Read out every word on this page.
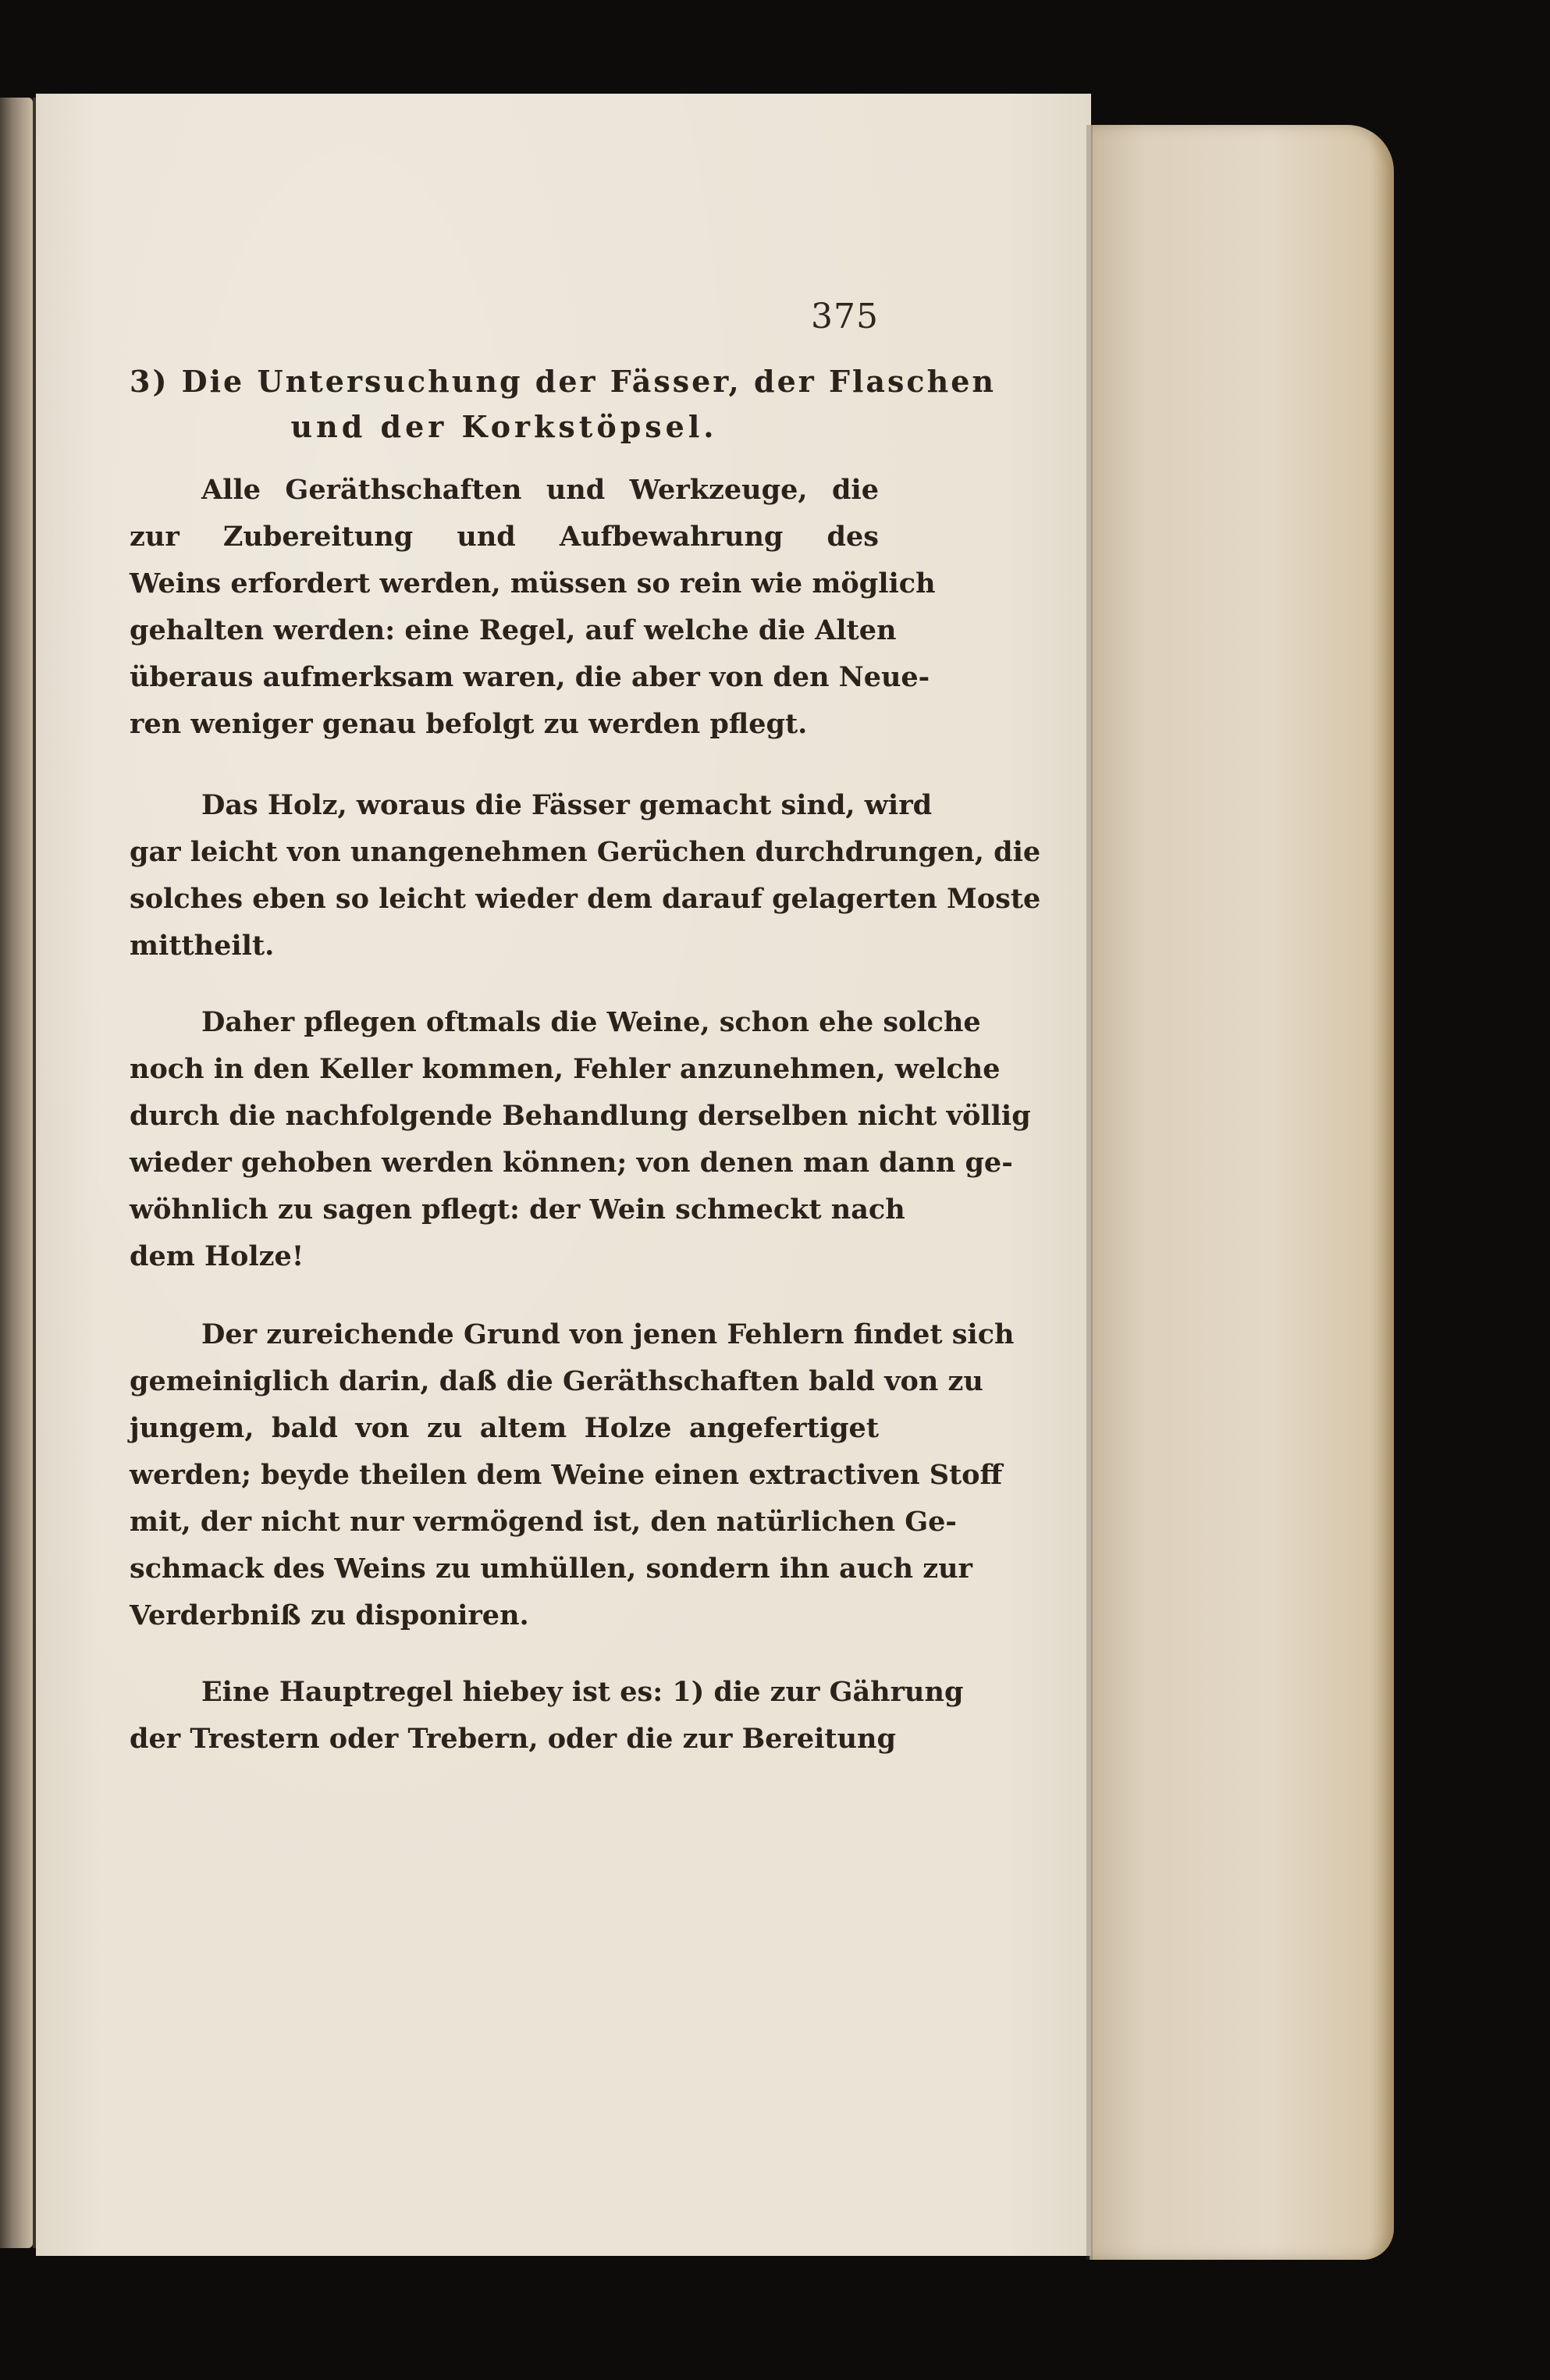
375
3) Die Untersuchung der Fässer, der Flaschen
und der Korkstöpsel.
Alle Geräthschaften und Werkzeuge, die
zur Zubereitung und Aufbewahrung des
Weins erfordert werden, müssen so rein wie möglich
gehalten werden: eine Regel, auf welche die Alten
überaus aufmerksam waren, die aber von den Neue-
ren weniger genau befolgt zu werden pflegt.
Das Holz, woraus die Fässer gemacht sind, wird
gar leicht von unangenehmen Gerüchen durchdrungen, die
solches eben so leicht wieder dem darauf gelagerten Moste
mittheilt.
Daher pflegen oftmals die Weine, schon ehe solche
noch in den Keller kommen, Fehler anzunehmen, welche
durch die nachfolgende Behandlung derselben nicht völlig
wieder gehoben werden können; von denen man dann ge-
wöhnlich zu sagen pflegt: der Wein schmeckt nach
dem Holze!
Der zureichende Grund von jenen Fehlern findet sich
gemeiniglich darin, daß die Geräthschaften bald von zu
jungem, bald von zu altem Holze angefertiget
werden; beyde theilen dem Weine einen extractiven Stoff
mit, der nicht nur vermögend ist, den natürlichen Ge-
schmack des Weins zu umhüllen, sondern ihn auch zur
Verderbniß zu disponiren.
Eine Hauptregel hiebey ist es: 1) die zur Gährung
der Trestern oder Trebern, oder die zur Bereitung
